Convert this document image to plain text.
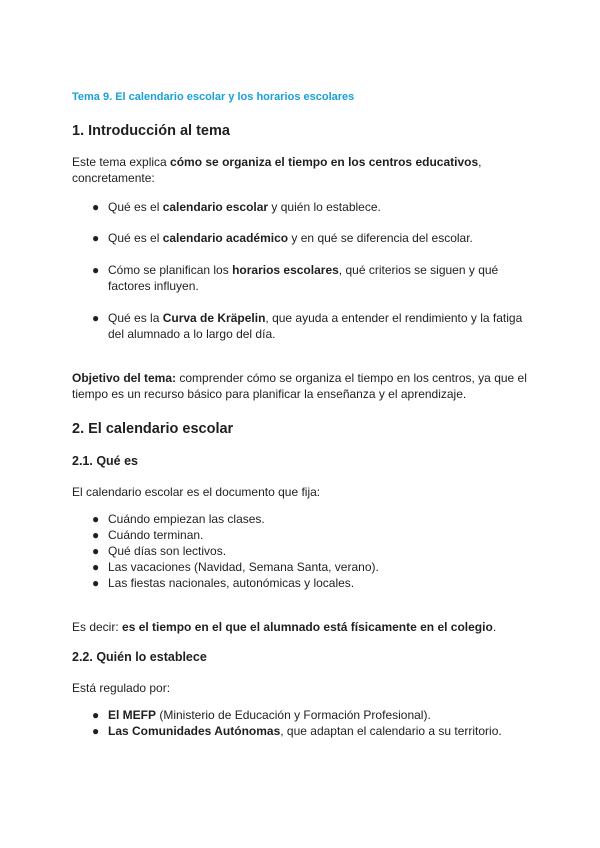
Tema 9. El calendario escolar y los horarios escolares

1. Introducción al tema

Este tema explica cómo se organiza el tiempo en los centros educativos, concretamente:

● Qué es el calendario escolar y quién lo establece.
● Qué es el calendario académico y en qué se diferencia del escolar.
● Cómo se planifican los horarios escolares, qué criterios se siguen y qué factores influyen.
● Qué es la Curva de Kräpelin, que ayuda a entender el rendimiento y la fatiga del alumnado a lo largo del día.

Objetivo del tema: comprender cómo se organiza el tiempo en los centros, ya que el tiempo es un recurso básico para planificar la enseñanza y el aprendizaje.

2. El calendario escolar
2.1. Qué es

El calendario escolar es el documento que fija:

● Cuándo empiezan las clases.
● Cuándo terminan.
● Qué días son lectivos.
● Las vacaciones (Navidad, Semana Santa, verano).
● Las fiestas nacionales, autonómicas y locales.

Es decir: es el tiempo en el que el alumnado está físicamente en el colegio.

2.2. Quién lo establece

Está regulado por:

● El MEFP (Ministerio de Educación y Formación Profesional).
● Las Comunidades Autónomas, que adaptan el calendario a su territorio.
